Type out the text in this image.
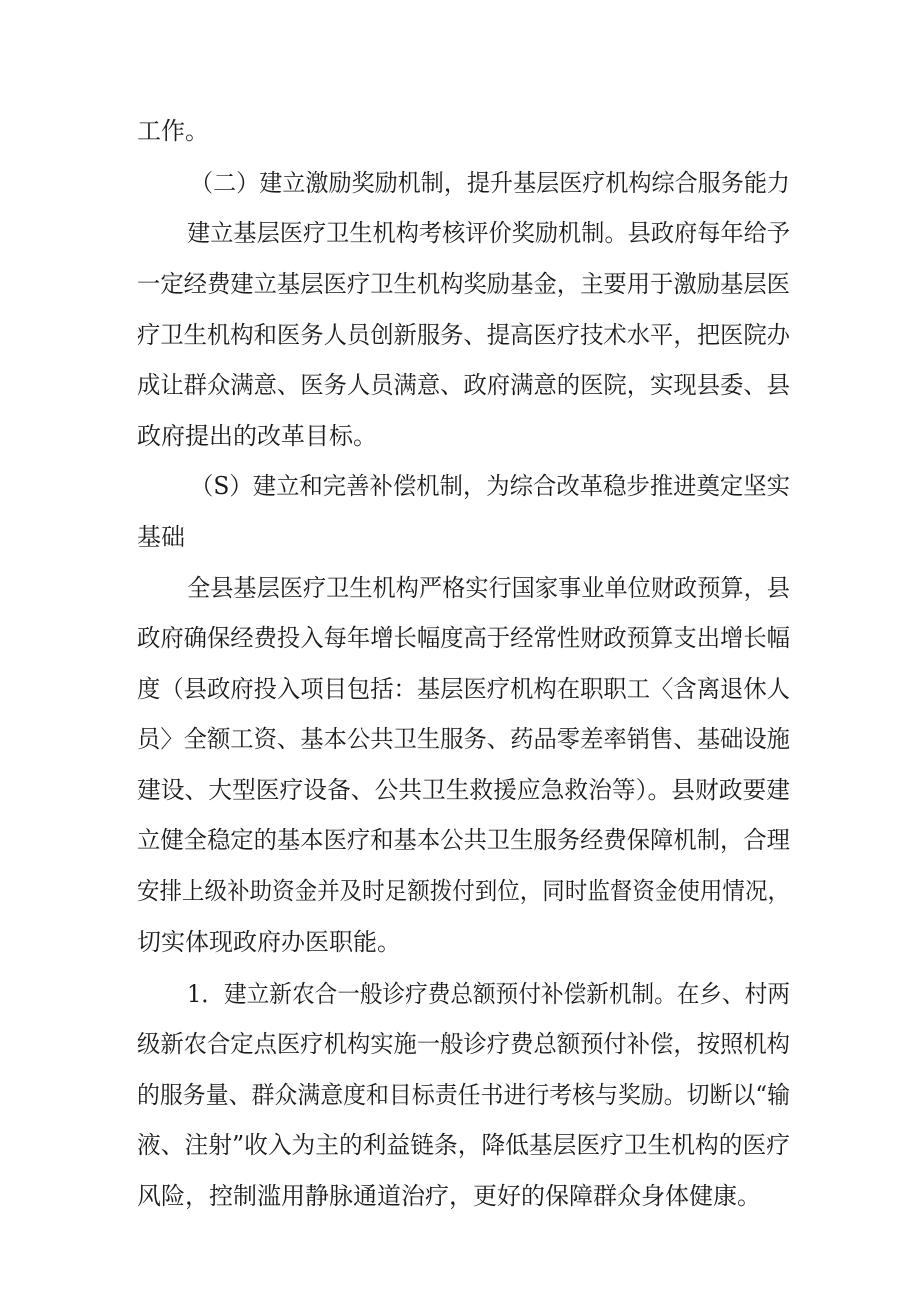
工作。
（二）建立激励奖励机制，提升基层医疗机构综合服务能力
建立基层医疗卫生机构考核评价奖励机制。县政府每年给予
一定经费建立基层医疗卫生机构奖励基金，主要用于激励基层医
疗卫生机构和医务人员创新服务、提高医疗技术水平，把医院办
成让群众满意、医务人员满意、政府满意的医院，实现县委、县
政府提出的改革目标。
（S）建立和完善补偿机制，为综合改革稳步推进奠定坚实
基础
全县基层医疗卫生机构严格实行国家事业单位财政预算，县
政府确保经费投入每年增长幅度高于经常性财政预算支出增长幅
度（县政府投入项目包括：基层医疗机构在职职工〈含离退休人
员〉全额工资、基本公共卫生服务、药品零差率销售、基础设施
建设、大型医疗设备、公共卫生救援应急救治等）。县财政要建
立健全稳定的基本医疗和基本公共卫生服务经费保障机制，合理
安排上级补助资金并及时足额拨付到位，同时监督资金使用情况，
切实体现政府办医职能。
1．建立新农合一般诊疗费总额预付补偿新机制。在乡、村两
级新农合定点医疗机构实施一般诊疗费总额预付补偿，按照机构
的服务量、群众满意度和目标责任书进行考核与奖励。切断以“输
液、注射”收入为主的利益链条，降低基层医疗卫生机构的医疗
风险，控制滥用静脉通道治疗，更好的保障群众身体健康。
